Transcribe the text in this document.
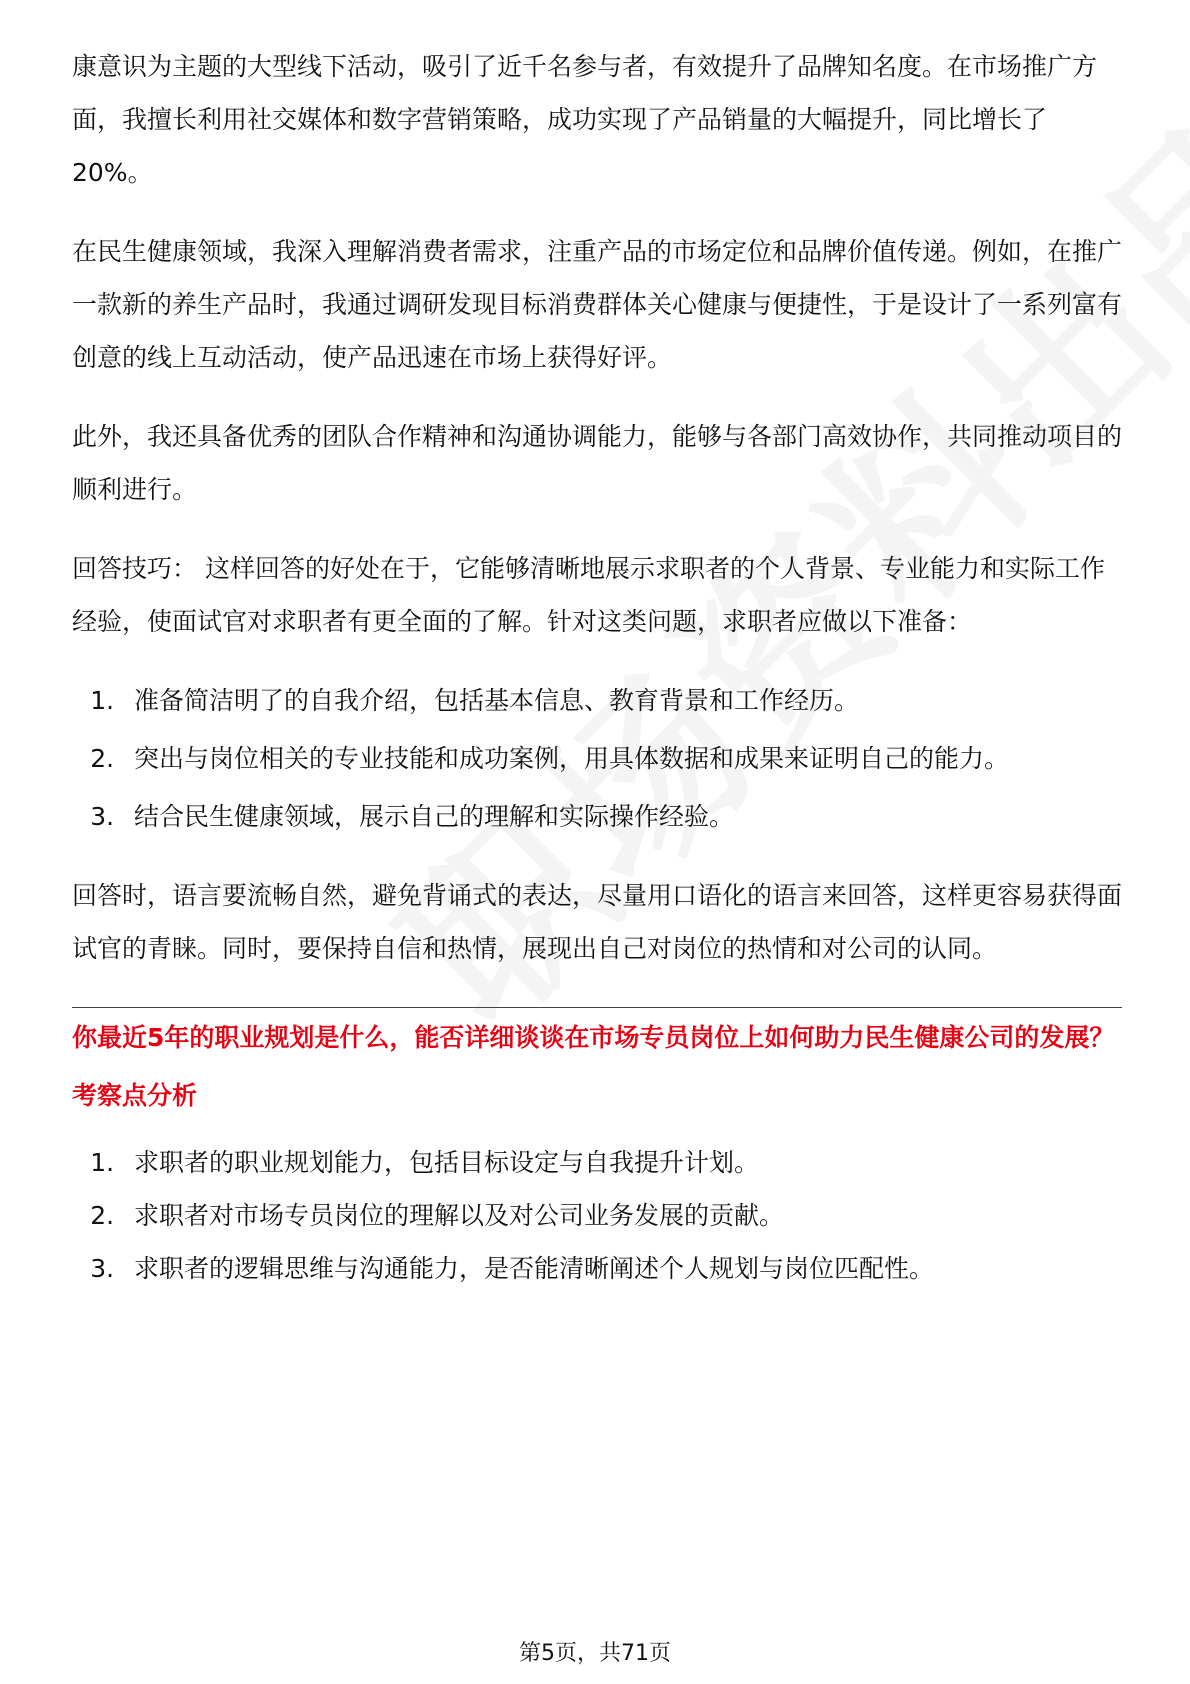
康意识为主题的大型线下活动，吸引了近千名参与者，有效提升了品牌知名度。在市场推广方面，我擅长利用社交媒体和数字营销策略，成功实现了产品销量的大幅提升，同比增长了20%。

在民生健康领域，我深入理解消费者需求，注重产品的市场定位和品牌价值传递。例如，在推广一款新的养生产品时，我通过调研发现目标消费群体关心健康与便捷性，于是设计了一系列富有创意的线上互动活动，使产品迅速在市场上获得好评。

此外，我还具备优秀的团队合作精神和沟通协调能力，能够与各部门高效协作，共同推动项目的顺利进行。

回答技巧： 这样回答的好处在于，它能够清晰地展示求职者的个人背景、专业能力和实际工作经验，使面试官对求职者有更全面的了解。针对这类问题，求职者应做以下准备：

1. 准备简洁明了的自我介绍，包括基本信息、教育背景和工作经历。
2. 突出与岗位相关的专业技能和成功案例，用具体数据和成果来证明自己的能力。
3. 结合民生健康领域，展示自己的理解和实际操作经验。

回答时，语言要流畅自然，避免背诵式的表达，尽量用口语化的语言来回答，这样更容易获得面试官的青睐。同时，要保持自信和热情，展现出自己对岗位的热情和对公司的认同。

你最近5年的职业规划是什么，能否详细谈谈在市场专员岗位上如何助力民生健康公司的发展？
考察点分析
1. 求职者的职业规划能力，包括目标设定与自我提升计划。
2. 求职者对市场专员岗位的理解以及对公司业务发展的贡献。
3. 求职者的逻辑思维与沟通能力，是否能清晰阐述个人规划与岗位匹配性。
第5页，共71页
